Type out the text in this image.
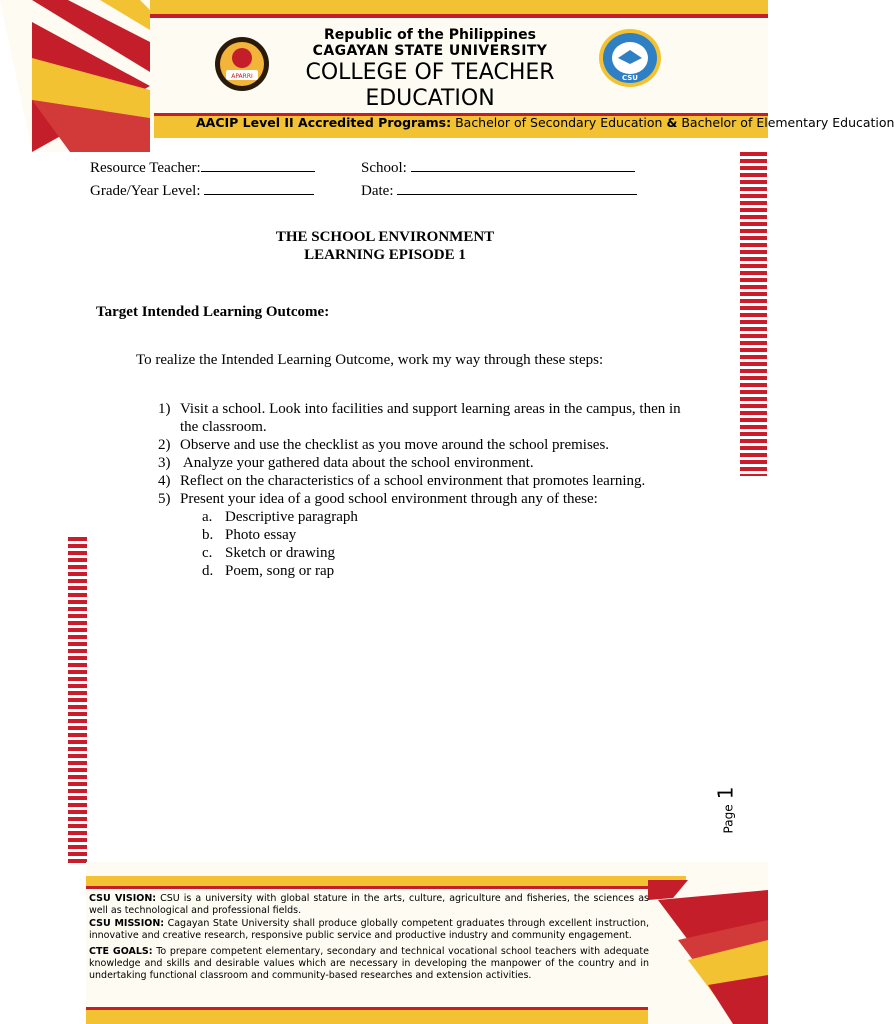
APARRI
Republic of the Philippines
CAGAYAN STATE UNIVERSITY
COLLEGE OF TEACHER EDUCATION
CSU
AACIP Level II Accredited Programs: Bachelor of Secondary Education & Bachelor of Elementary Education
Resource Teacher:	School:
Grade/Year Level:	Date:
THE SCHOOL ENVIRONMENT
LEARNING EPISODE 1
Target Intended Learning Outcome:
To realize the Intended Learning Outcome, work my way through these steps:
1) Visit a school. Look into facilities and support learning areas in the campus, then in the classroom.
2) Observe and use the checklist as you move around the school premises.
3) Analyze your gathered data about the school environment.
4) Reflect on the characteristics of a school environment that promotes learning.
5) Present your idea of a good school environment through any of these:
a. Descriptive paragraph
b. Photo essay
c. Sketch or drawing
d. Poem, song or rap
Page 1

CSU VISION: CSU is a university with global stature in the arts, culture, agriculture and fisheries, the sciences as well as technological and professional fields.

CSU MISSION: Cagayan State University shall produce globally competent graduates through excellent instruction, innovative and creative research, responsive public service and productive industry and community engagement.

CTE GOALS: To prepare competent elementary, secondary and technical vocational school teachers with adequate knowledge and skills and desirable values which are necessary in developing the manpower of the country and in undertaking functional classroom and community-based researches and extension activities.
